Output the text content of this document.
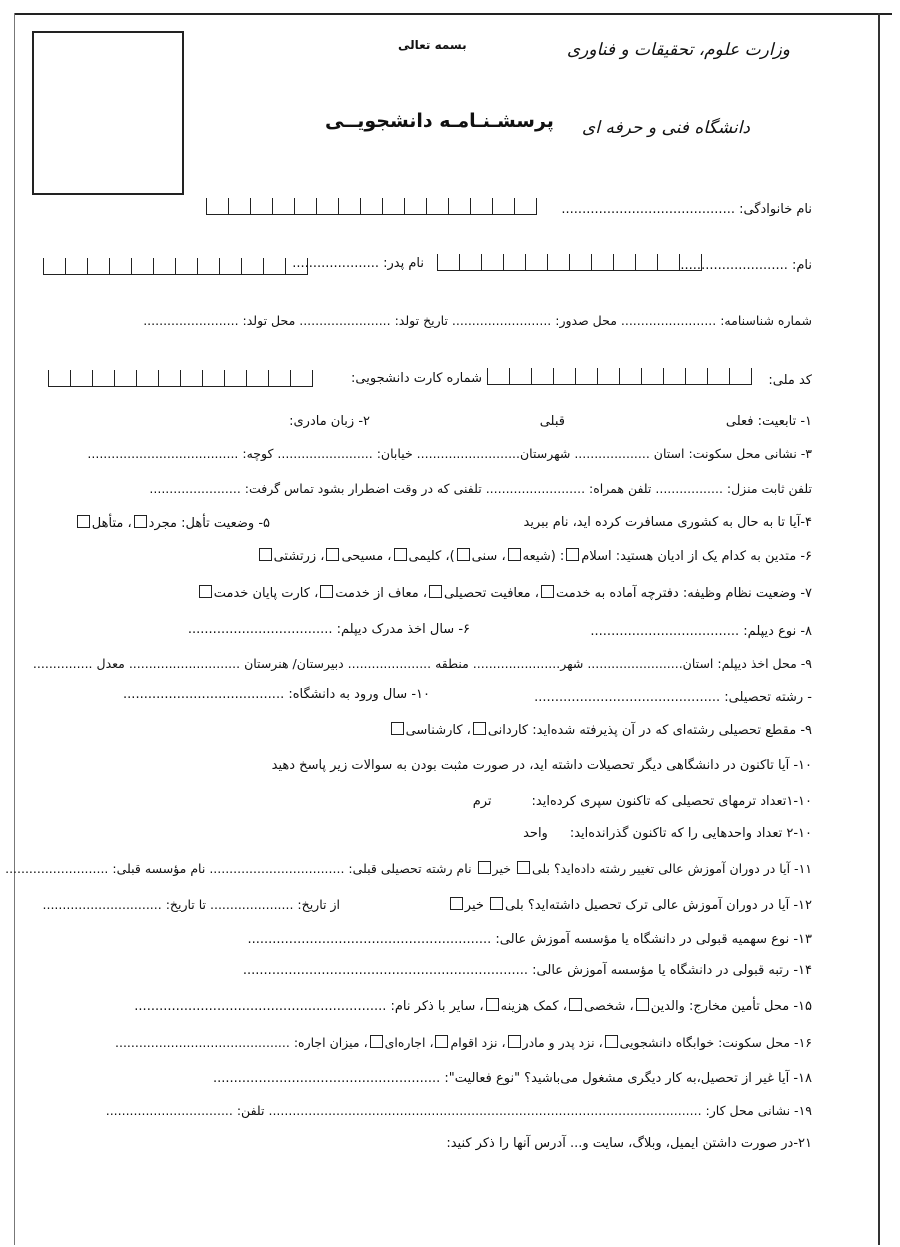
وزارت علوم، تحقیقات و فناوری
بسمه تعالی
پرسشـنـامـه دانشجویــی دانشگاه فنی و حرفه ای
نام خانوادگی: ..........................................
نام: ..........................
نام پدر: .....................
شماره شناسنامه: ........................ محل صدور: ......................... تاریخ تولد: ....................... محل تولد: ........................
کد ملی:
شماره کارت دانشجویی:
۱- تابعیت: فعلی
قبلی
۲- زبان مادری:
۳- نشانی محل سکونت: استان ................... شهرستان.......................... خیابان: ........................ کوچه: ......................................
تلفن ثابت منزل: ................. تلفن همراه: ......................... تلفنی که در وقت اضطرار بشود تماس گرفت: .......................
۴-آیا تا به حال به کشوری مسافرت کرده اید، نام ببرید
۵- وضعیت تأهل: مجرد، متأهل
۶- متدین به کدام یک از ادیان هستید: اسلام: (شیعه، سنی)، کلیمی، مسیحی، زرتشتی
۷- وضعیت نظام وظیفه: دفترچه آماده به خدمت، معافیت تحصیلی، معاف از خدمت، کارت پایان خدمت
۸- نوع دیپلم: ....................................
۶- سال اخذ مدرک دیپلم: ...................................
۹- محل اخذ دیپلم: استان........................ شهر...................... منطقه ..................... دبیرستان/ هنرستان ............................ معدل ...............
- رشته تحصیلی: .............................................
۱۰- سال ورود به دانشگاه: .......................................
۹- مقطع تحصیلی رشته‌ای که در آن پذیرفته شده‌اید: کاردانی، کارشناسی
۱۰- آیا تاکنون در دانشگاهی دیگر تحصیلات داشته اید، در صورت مثبت بودن به سوالات زیر پاسخ دهید
۱-۱۰تعداد ترمهای تحصیلی که تاکنون سپری کرده‌اید:ترم
۲-۱۰ تعداد واحدهایی را که تاکنون گذرانده‌اید:واحد
۱۱- آیا در دوران آموزش عالی تغییر رشته داده‌اید؟ بلی خیر نام رشته تحصیلی قبلی: .................................. نام مؤسسه قبلی: ..........................
۱۲- آیا در دوران آموزش عالی ترک تحصیل داشته‌اید؟ بلی خیر
از تاریخ: ..................... تا تاریخ: ..............................
۱۳- نوع سهمیه قبولی در دانشگاه یا مؤسسه آموزش عالی: ...........................................................
۱۴- رتبه قبولی در دانشگاه یا مؤسسه آموزش عالی: .....................................................................
۱۵- محل تأمین مخارج: والدین، شخصی، کمک هزینه، سایر با ذکر نام: .............................................................
۱۶- محل سکونت: خوابگاه دانشجویی، نزد پدر و مادر، نزد اقوام، اجاره‌ای، میزان اجاره: ............................................
۱۸- آیا غیر از تحصیل،به کار دیگری مشغول می‌باشید؟ "نوع فعالیت": .......................................................
۱۹- نشانی محل کار: ............................................................................................................. تلفن: ................................
۲۱-در صورت داشتن ایمیل، وبلاگ، سایت و... آدرس آنها را ذکر کنید:
